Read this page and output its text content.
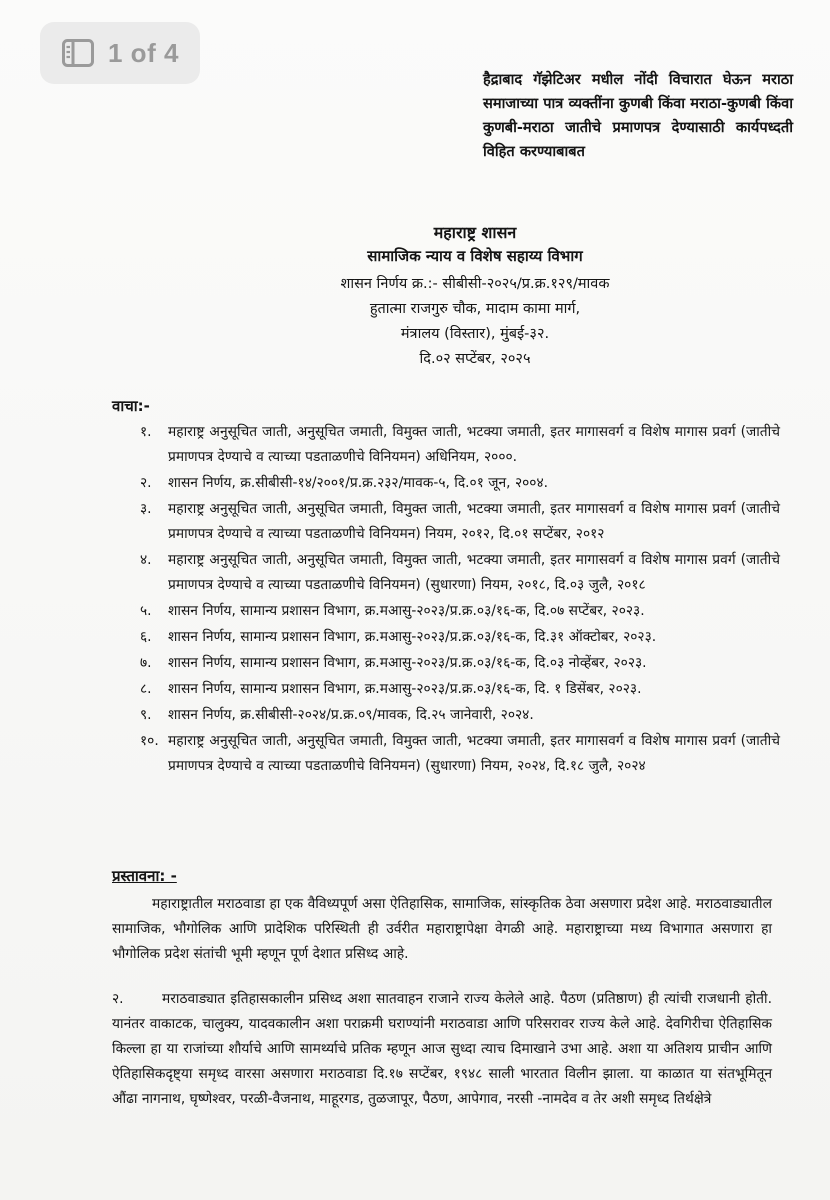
1 of 4
हैद्राबाद गॅझेटिअर मधील नोंदी विचारात घेऊन मराठा समाजाच्या पात्र व्यक्तींना कुणबी किंवा मराठा-कुणबी किंवा कुणबी-मराठा जातीचे प्रमाणपत्र देण्यासाठी कार्यपध्दती विहित करण्याबाबत
महाराष्ट्र शासन
सामाजिक न्याय व विशेष सहाय्य विभाग
शासन निर्णय क्र.:- सीबीसी-२०२५/प्र.क्र.१२९/मावक
हुतात्मा राजगुरु चौक, मादाम कामा मार्ग,
मंत्रालय (विस्तार), मुंबई-३२.
दि.०२ सप्टेंबर, २०२५
वाचा:-
१.	महाराष्ट्र अनुसूचित जाती, अनुसूचित जमाती, विमुक्त जाती, भटक्या जमाती, इतर मागासवर्ग व विशेष मागास प्रवर्ग (जातीचे प्रमाणपत्र देण्याचे व त्याच्या पडताळणीचे विनियमन) अधिनियम, २०००.
२.	शासन निर्णय, क्र.सीबीसी-१४/२००१/प्र.क्र.२३२/मावक-५, दि.०१ जून, २००४.
३.	महाराष्ट्र अनुसूचित जाती, अनुसूचित जमाती, विमुक्त जाती, भटक्या जमाती, इतर मागासवर्ग व विशेष मागास प्रवर्ग (जातीचे प्रमाणपत्र देण्याचे व त्याच्या पडताळणीचे विनियमन) नियम, २०१२, दि.०१ सप्टेंबर, २०१२
४.	महाराष्ट्र अनुसूचित जाती, अनुसूचित जमाती, विमुक्त जाती, भटक्या जमाती, इतर मागासवर्ग व विशेष मागास प्रवर्ग (जातीचे प्रमाणपत्र देण्याचे व त्याच्या पडताळणीचे विनियमन) (सुधारणा) नियम, २०१८, दि.०३ जुलै, २०१८
५.	शासन निर्णय, सामान्य प्रशासन विभाग, क्र.मआसु-२०२३/प्र.क्र.०३/१६-क, दि.०७ सप्टेंबर, २०२३.
६.	शासन निर्णय, सामान्य प्रशासन विभाग, क्र.मआसु-२०२३/प्र.क्र.०३/१६-क, दि.३१ ऑक्टोबर, २०२३.
७.	शासन निर्णय, सामान्य प्रशासन विभाग, क्र.मआसु-२०२३/प्र.क्र.०३/१६-क, दि.०३ नोव्हेंबर, २०२३.
८.	शासन निर्णय, सामान्य प्रशासन विभाग, क्र.मआसु-२०२३/प्र.क्र.०३/१६-क, दि. १ डिसेंबर, २०२३.
९.	शासन निर्णय, क्र.सीबीसी-२०२४/प्र.क्र.०९/मावक, दि.२५ जानेवारी, २०२४.
१०. महाराष्ट्र अनुसूचित जाती, अनुसूचित जमाती, विमुक्त जाती, भटक्या जमाती, इतर मागासवर्ग व विशेष मागास प्रवर्ग (जातीचे प्रमाणपत्र देण्याचे व त्याच्या पडताळणीचे विनियमन) (सुधारणा) नियम, २०२४, दि.१८ जुलै, २०२४
प्रस्तावना: -
महाराष्ट्रातील मराठवाडा हा एक वैविध्यपूर्ण असा ऐतिहासिक, सामाजिक, सांस्कृतिक ठेवा असणारा प्रदेश आहे. मराठवाड्यातील सामाजिक, भौगोलिक आणि प्रादेशिक परिस्थिती ही उर्वरीत महाराष्ट्रापेक्षा वेगळी आहे. महाराष्ट्राच्या मध्य विभागात असणारा हा भौगोलिक प्रदेश संतांची भूमी म्हणून पूर्ण देशात प्रसिध्द आहे.
२.	मराठवाड्यात इतिहासकालीन प्रसिध्द अशा सातवाहन राजाने राज्य केलेले आहे. पैठण (प्रतिष्ठाण) ही त्यांची राजधानी होती. यानंतर वाकाटक, चालुक्य, यादवकालीन अशा पराक्रमी घराण्यांनी मराठवाडा आणि परिसरावर राज्य केले आहे. देवगिरीचा ऐतिहासिक किल्ला हा या राजांच्या शौर्याचे आणि सामर्थ्याचे प्रतिक म्हणून आज सुध्दा त्याच दिमाखाने उभा आहे. अशा या अतिशय प्राचीन आणि ऐतिहासिकदृष्ट्या समृध्द वारसा असणारा मराठवाडा दि.१७ सप्टेंबर, १९४८ साली भारतात विलीन झाला. या काळात या संतभूमितून औंढा नागनाथ, घृष्णेश्वर, परळी-वैजनाथ, माहूरगड, तुळजापूर, पैठण, आपेगाव, नरसी -नामदेव व तेर अशी समृध्द तिर्थक्षेत्रे
